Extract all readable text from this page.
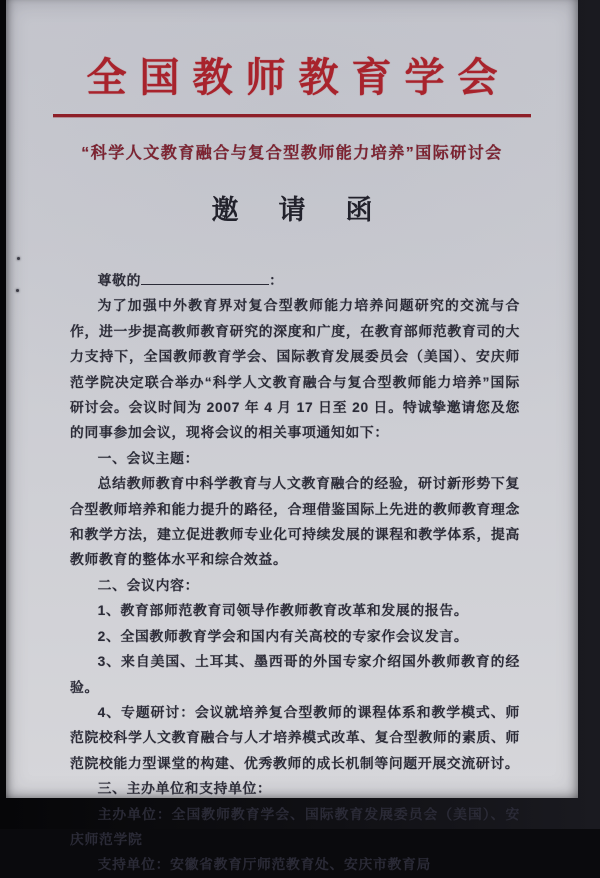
全国教师教育学会
“科学人文教育融合与复合型教师能力培养”国际研讨会
邀请函

尊敬的	：

为了加强中外教育界对复合型教师能力培养问题研究的交流与合作，进一步提高教师教育研究的深度和广度，在教育部师范教育司的大力支持下，全国教师教育学会、国际教育发展委员会（美国）、安庆师范学院决定联合举办“科学人文教育融合与复合型教师能力培养”国际研讨会。会议时间为 2007 年 4 月 17 日至 20 日。特诚挚邀请您及您的同事参加会议，现将会议的相关事项通知如下：

一、会议主题：

总结教师教育中科学教育与人文教育融合的经验，研讨新形势下复合型教师培养和能力提升的路径，合理借鉴国际上先进的教师教育理念和教学方法，建立促进教师专业化可持续发展的课程和教学体系，提高教师教育的整体水平和综合效益。

二、会议内容：

1、教育部师范教育司领导作教师教育改革和发展的报告。

2、全国教师教育学会和国内有关高校的专家作会议发言。

3、来自美国、土耳其、墨西哥的外国专家介绍国外教师教育的经验。

4、专题研讨：会议就培养复合型教师的课程体系和教学模式、师范院校科学人文教育融合与人才培养模式改革、复合型教师的素质、师范院校能力型课堂的构建、优秀教师的成长机制等问题开展交流研讨。

三、主办单位和支持单位：

主办单位：全国教师教育学会、国际教育发展委员会（美国）、安庆师范学院

支持单位：安徽省教育厅师范教育处、安庆市教育局
